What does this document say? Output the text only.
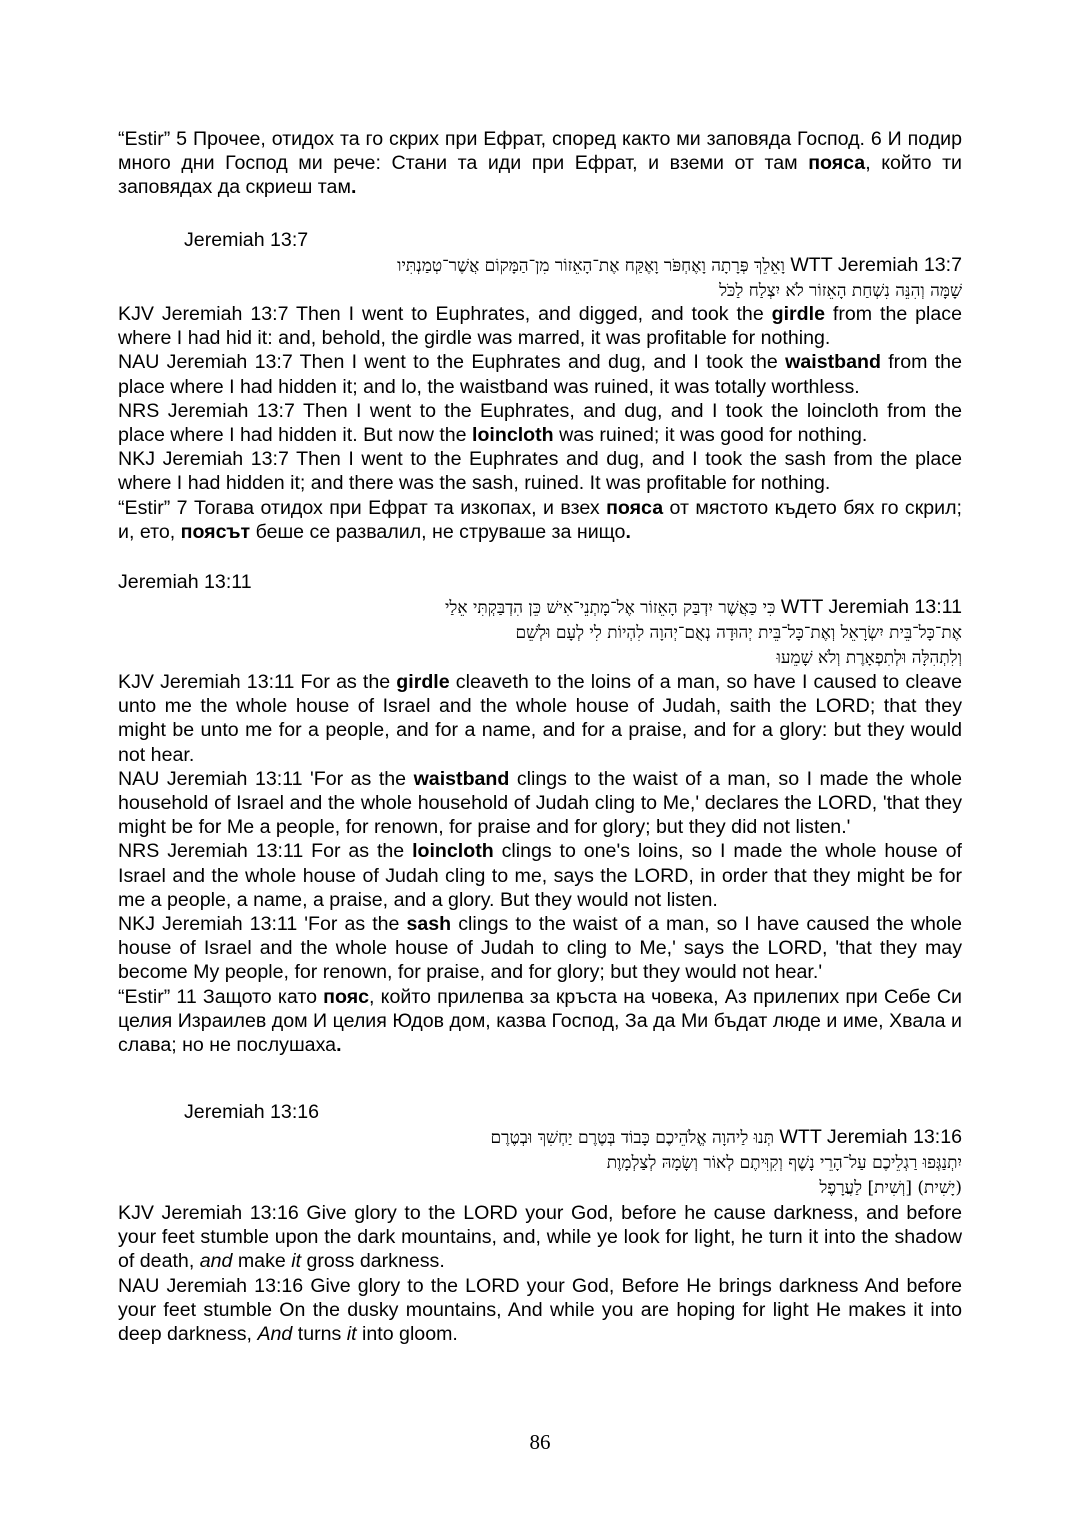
“Estir” 5 Прочее, отидох та го скрих при Ефрат, според както ми заповяда Господ. 6 И подир много дни Господ ми рече: Стани та иди при Ефрат, и вземи от там пояса, който ти заповядах да скриеш там.

Jeremiah 13:7
וָאֵלֵךְ פְּרָתָה וָאֶחְפֹּר וָאֶקַּח אֶת־הָאֵזוֹר מִן־הַמָּקוֹם אֲשֶׁר־טְמַנְתִּיו WTT Jeremiah 13:7
שָׁמָּה וְהִנֵּה נִשְׁחַת הָאֵזוֹר לֹא יִצְלַח לַכֹּל

KJV Jeremiah 13:7 Then I went to Euphrates, and digged, and took the girdle from the place where I had hid it: and, behold, the girdle was marred, it was profitable for nothing.

NAU Jeremiah 13:7 Then I went to the Euphrates and dug, and I took the waistband from the place where I had hidden it; and lo, the waistband was ruined, it was totally worthless.

NRS Jeremiah 13:7 Then I went to the Euphrates, and dug, and I took the loincloth from the place where I had hidden it. But now the loincloth was ruined; it was good for nothing.

NKJ Jeremiah 13:7 Then I went to the Euphrates and dug, and I took the sash from the place where I had hidden it; and there was the sash, ruined. It was profitable for nothing.

“Estir” 7 Тогава отидох при Ефрат та изкопах, и взех пояса от мястото където бях го скрил; и, ето, поясът беше се развалил, не струваше за нищо.

Jeremiah 13:11
כִּי כַּאֲשֶׁר יִדְבַּק הָאֵזוֹר אֶל־מָתְנֵי־אִישׁ כֵּן הִדְבַּקְתִּי אֵלַי WTT Jeremiah 13:11
אֶת־כָּל־בֵּית יִשְׂרָאֵל וְאֶת־כָּל־בֵּית יְהוּדָה נְאֻם־יְהוָה לִהְיוֹת לִי לְעָם וּלְשֵׁם
וְלִתְהִלָּה וּלְתִפְאָרֶת וְלֹא שָׁמֵעוּ

KJV Jeremiah 13:11 For as the girdle cleaveth to the loins of a man, so have I caused to cleave unto me the whole house of Israel and the whole house of Judah, saith the LORD; that they might be unto me for a people, and for a name, and for a praise, and for a glory: but they would not hear.

NAU Jeremiah 13:11 'For as the waistband clings to the waist of a man, so I made the whole household of Israel and the whole household of Judah cling to Me,' declares the LORD, 'that they might be for Me a people, for renown, for praise and for glory; but they did not listen.'

NRS Jeremiah 13:11 For as the loincloth clings to one's loins, so I made the whole house of Israel and the whole house of Judah cling to me, says the LORD, in order that they might be for me a people, a name, a praise, and a glory. But they would not listen.

NKJ Jeremiah 13:11 'For as the sash clings to the waist of a man, so I have caused the whole house of Israel and the whole house of Judah to cling to Me,' says the LORD, 'that they may become My people, for renown, for praise, and for glory; but they would not hear.'

“Estir” 11 Защото като пояс, който прилепва за кръста на човека, Аз прилепих при Себе Си целия Израилев дом И целия Юдов дом, казва Господ, За да Ми бъдат люде и име, Хвала и слава; но не послушаха.

Jeremiah 13:16
תְּנוּ לַיהוָה אֱלֹהֵיכֶם כָּבוֹד בְּטֶרֶם יַחְשִׁךְ וּבְטֶרֶם WTT Jeremiah 13:16
יִתְנַגְּפוּ רַגְלֵיכֶם עַל־הָרֵי נָשֶׁף וְקִוִּיתֶם לְאוֹר וְשָׂמָהּ לְצַלְמָוֶת
(יָשִׁית) [וְשִׁית] לַעֲרָפֶל

KJV Jeremiah 13:16 Give glory to the LORD your God, before he cause darkness, and before your feet stumble upon the dark mountains, and, while ye look for light, he turn it into the shadow of death, and make it gross darkness.

NAU Jeremiah 13:16 Give glory to the LORD your God, Before He brings darkness And before your feet stumble On the dusky mountains, And while you are hoping for light He makes it into deep darkness, And turns it into gloom.

86
